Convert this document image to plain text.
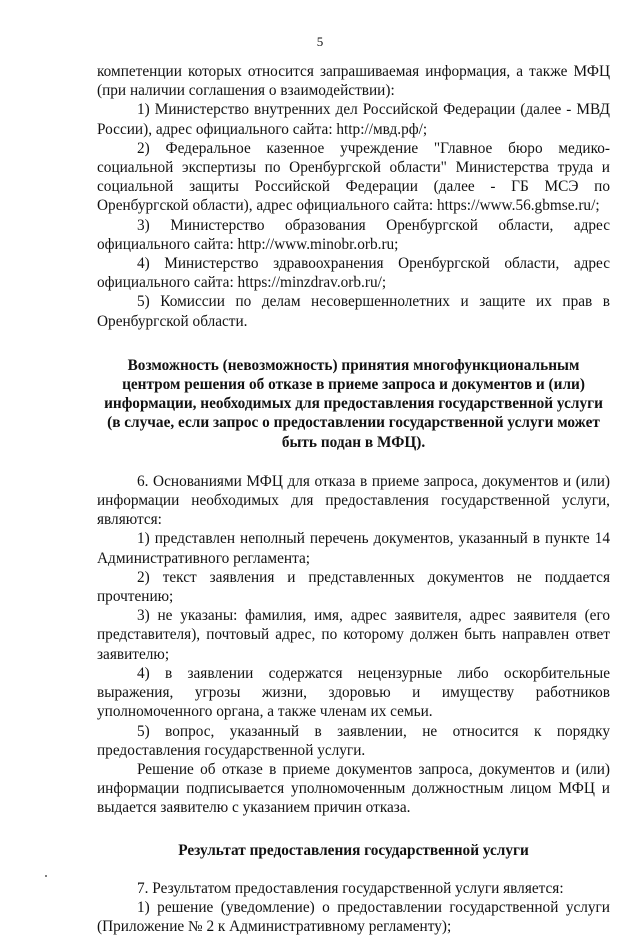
5

компетенции которых относится запрашиваемая информация, а также МФЦ (при наличии соглашения о взаимодействии):

1) Министерство внутренних дел Российской Федерации (далее - МВД России), адрес официального сайта: http://мвд.рф/;

2) Федеральное казенное учреждение "Главное бюро медико-социальной экспертизы по Оренбургской области" Министерства труда и социальной защиты Российской Федерации (далее - ГБ МСЭ по Оренбургской области), адрес официального сайта: https://www.56.gbmse.ru/;

3) Министерство образования Оренбургской области, адрес официального сайта: http://www.minobr.orb.ru;

4) Министерство здравоохранения Оренбургской области, адрес официального сайта: https://minzdrav.orb.ru/;

5) Комиссии по делам несовершеннолетних и защите их прав в Оренбургской области.

Возможность (невозможность) принятия многофункциональным центром решения об отказе в приеме запроса и документов и (или) информации, необходимых для предоставления государственной услуги (в случае, если запрос о предоставлении государственной услуги может быть подан в МФЦ).

6. Основаниями МФЦ для отказа в приеме запроса, документов и (или) информации необходимых для предоставления государственной услуги, являются:

1) представлен неполный перечень документов, указанный в пункте 14 Административного регламента;

2) текст заявления и представленных документов не поддается прочтению;

3) не указаны: фамилия, имя, адрес заявителя, адрес заявителя (его представителя), почтовый адрес, по которому должен быть направлен ответ заявителю;

4) в заявлении содержатся нецензурные либо оскорбительные выражения, угрозы жизни, здоровью и имуществу работников уполномоченного органа, а также членам их семьи.

5) вопрос, указанный в заявлении, не относится к порядку предоставления государственной услуги.

Решение об отказе в приеме документов запроса, документов и (или) информации подписывается уполномоченным должностным лицом МФЦ и выдается заявителю с указанием причин отказа.

Результат предоставления государственной услуги

7. Результатом предоставления государственной услуги является:

1) решение (уведомление) о предоставлении государственной услуги (Приложение № 2 к Административному регламенту);
